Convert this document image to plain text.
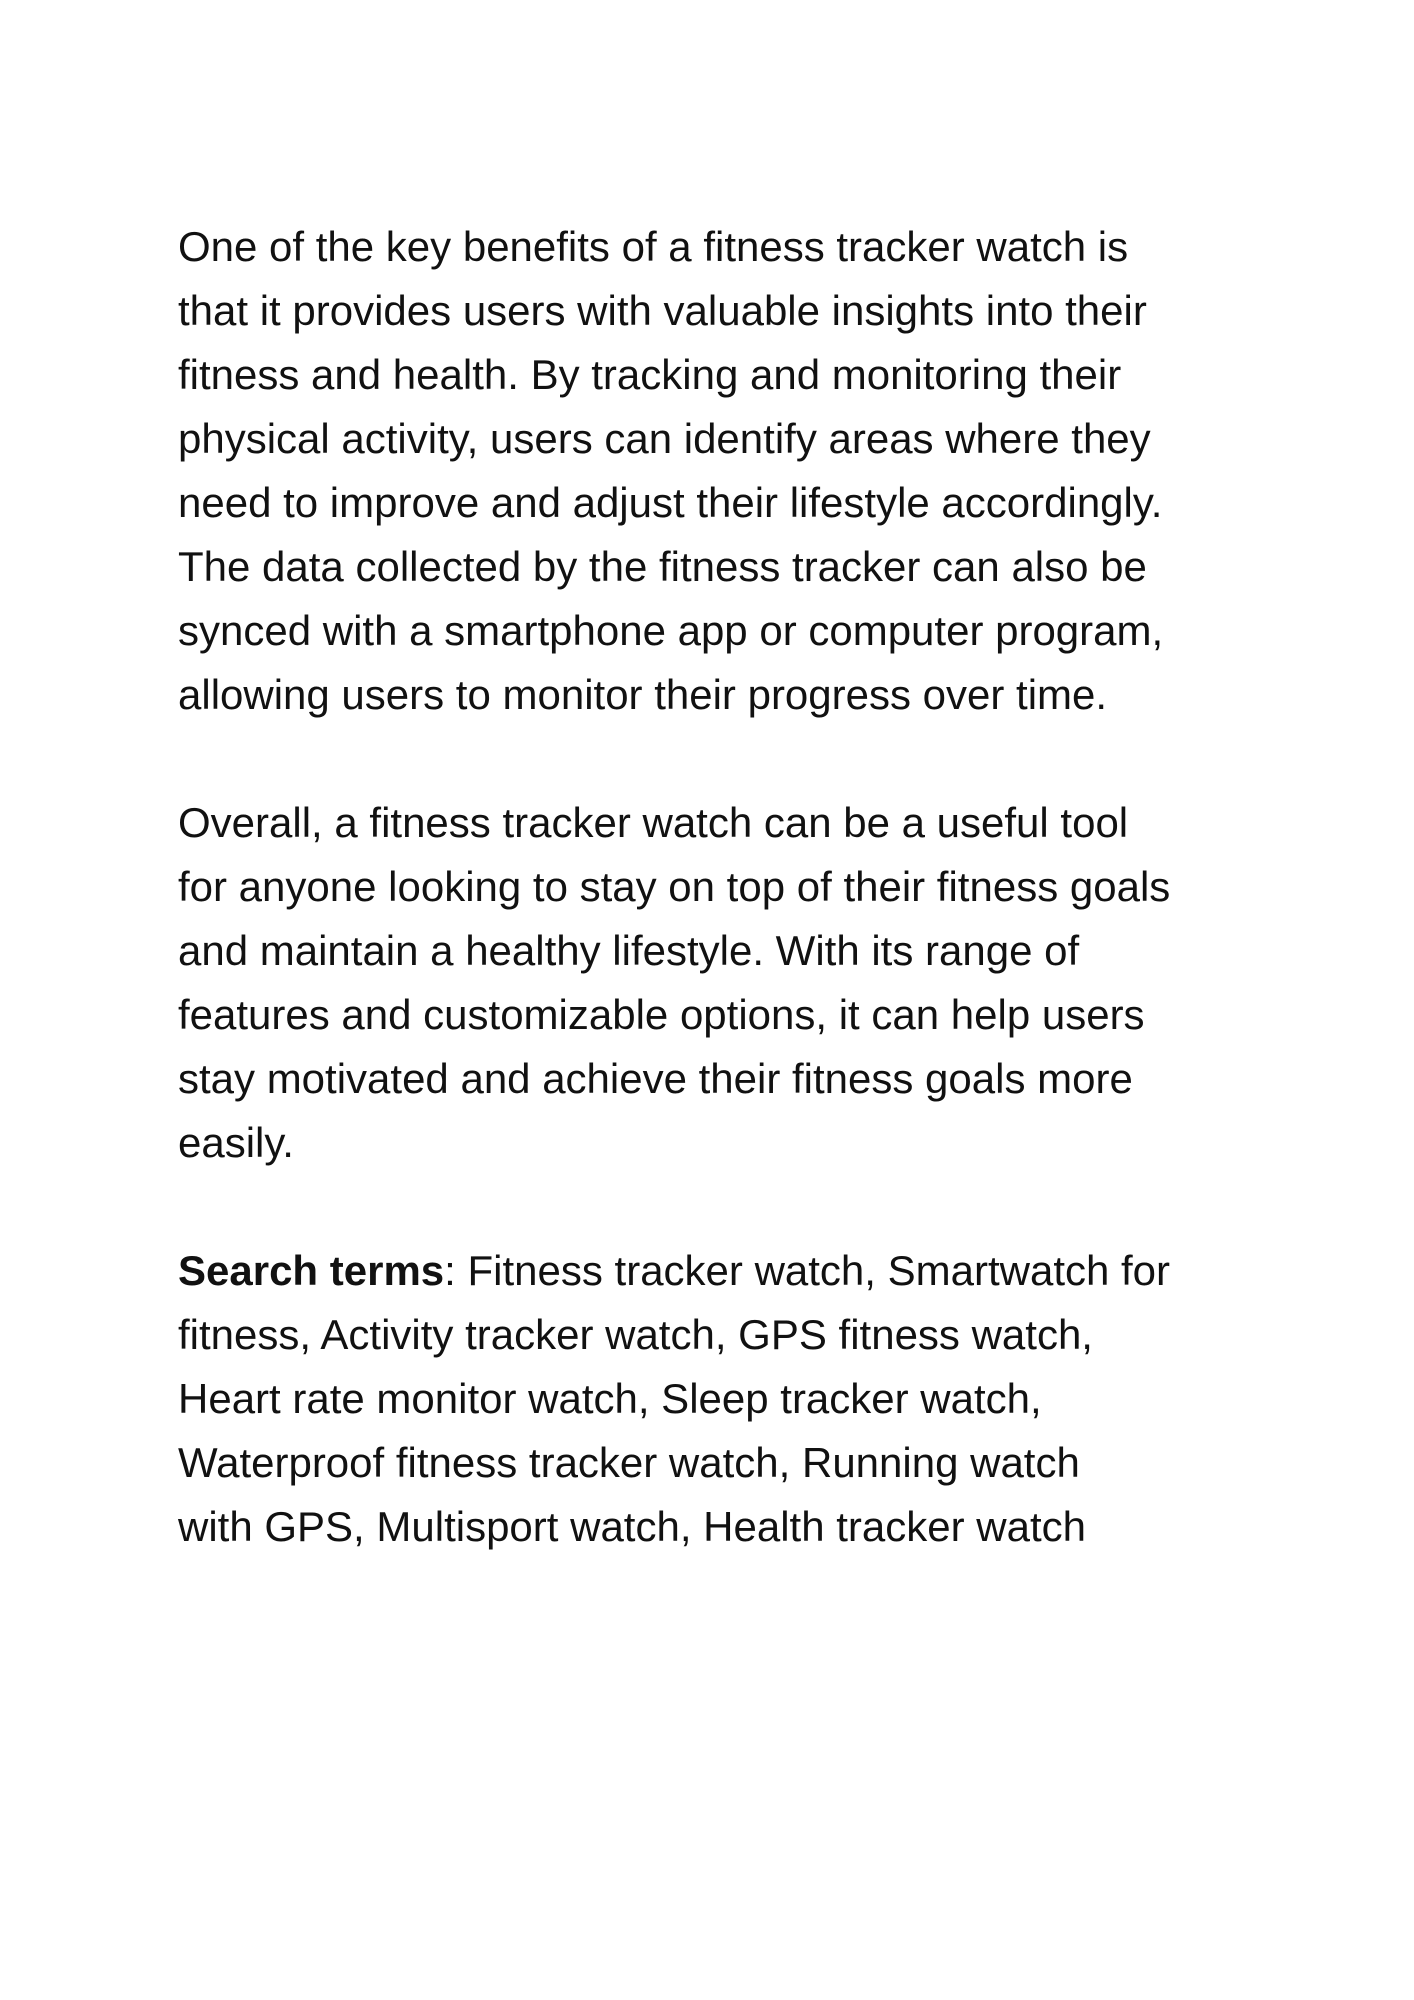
One of the key benefits of a fitness tracker watch is
that it provides users with valuable insights into their
fitness and health. By tracking and monitoring their
physical activity, users can identify areas where they
need to improve and adjust their lifestyle accordingly.
The data collected by the fitness tracker can also be
synced with a smartphone app or computer program,
allowing users to monitor their progress over time.

Overall, a fitness tracker watch can be a useful tool
for anyone looking to stay on top of their fitness goals
and maintain a healthy lifestyle. With its range of
features and customizable options, it can help users
stay motivated and achieve their fitness goals more
easily.

Search terms: Fitness tracker watch, Smartwatch for
fitness, Activity tracker watch, GPS fitness watch,
Heart rate monitor watch, Sleep tracker watch,
Waterproof fitness tracker watch, Running watch
with GPS, Multisport watch, Health tracker watch
